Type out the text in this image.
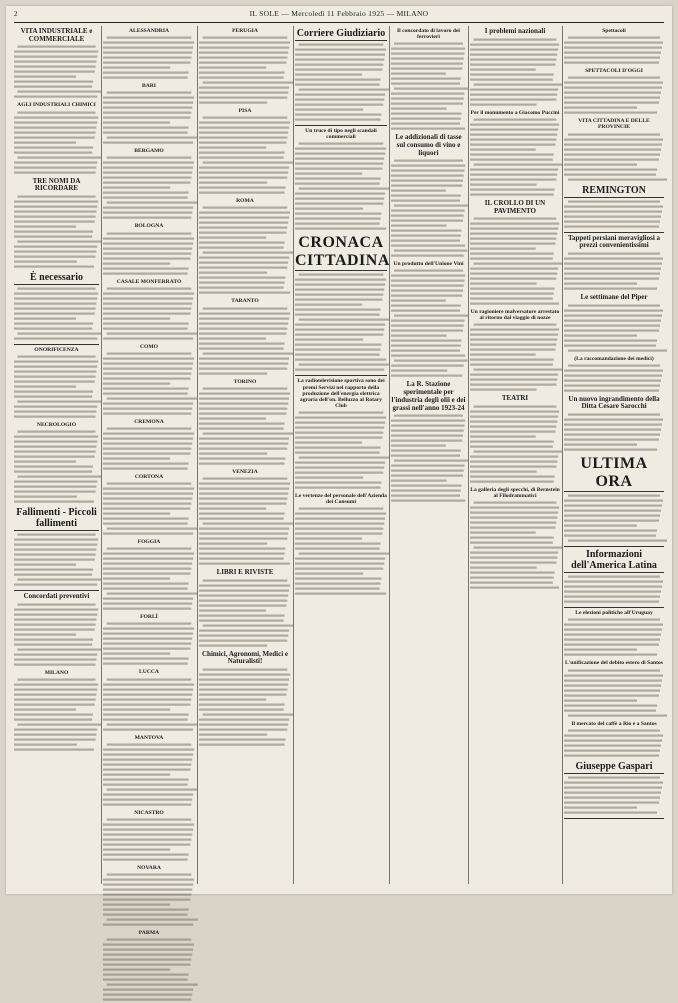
2	IL SOLE — Mercoledì 11 Febbraio 1925 — MILANO
VITA INDUSTRIALE e COMMERCIALE
AGLI INDUSTRIALI CHIMICI
TRE NOMI DA RICORDARE
È necessario
ONORIFICENZA
NECROLOGIO
Fallimenti - Piccoli fallimenti
Concordati preventivi
MILANO
ALESSANDRIA
BARI
BERGAMO
BOLOGNA
CASALE MONFERRATO
COMO
CREMONA
CORTONA
FOGGIA
FORLÌ
LUCCA
MANTOVA
NICASTRO
NOVARA
PARMA
PERUGIA
PISA
ROMA
TARANTO
TORINO
VENEZIA
LIBRI E RIVISTE
Chimici, Agronomi, Medici e Naturalisti!
Corriere Giudiziario
Un truce di tipo negli scandali commerciali
CRONACA CITTADINA
La radiotelevisione sportiva sono dei premi Servizi nel rapporto della produzione dell'energia elettrica agraria dell'on. Belluzzo al Rotary Club
Le vertenze del personale dell'Azienda dei Consumi
Il concordato di lavoro dei ferrovieri
Le addizionali di tasse sul consumo di vino e liquori
Un produttu dell'Unione Vini
La R. Stazione sperimentale per l'industria degli olii e dei grassi nell'anno 1923-24
I problemi nazionali
Per il monumento a Giacomo Puccini
IL CROLLO DI UN PAVIMENTO
Un ragioniere malversatore arrestato al ritorno dal viaggio di nozze
TEATRI
La galleria degli specchi, di Bernstein al Filodrammatici
Spettacoli
SPETTACOLI D'OGGI
VITA CITTADINA E DELLE PROVINCIE
REMINGTON
Tappeti persiani meravigliosi a prezzi convenientissimi
Le settimane del Piper
(La raccomandazione dei medici)
Un nuovo ingrandimento della Ditta Cesare Sarocchi
ULTIMA ORA
Informazioni dell'America Latina
Le elezioni politiche all'Uruguay
L'unificazione del debito estero di Santos
Il mercato del caffè a Rio e a Santos
Giuseppe Gaspari
